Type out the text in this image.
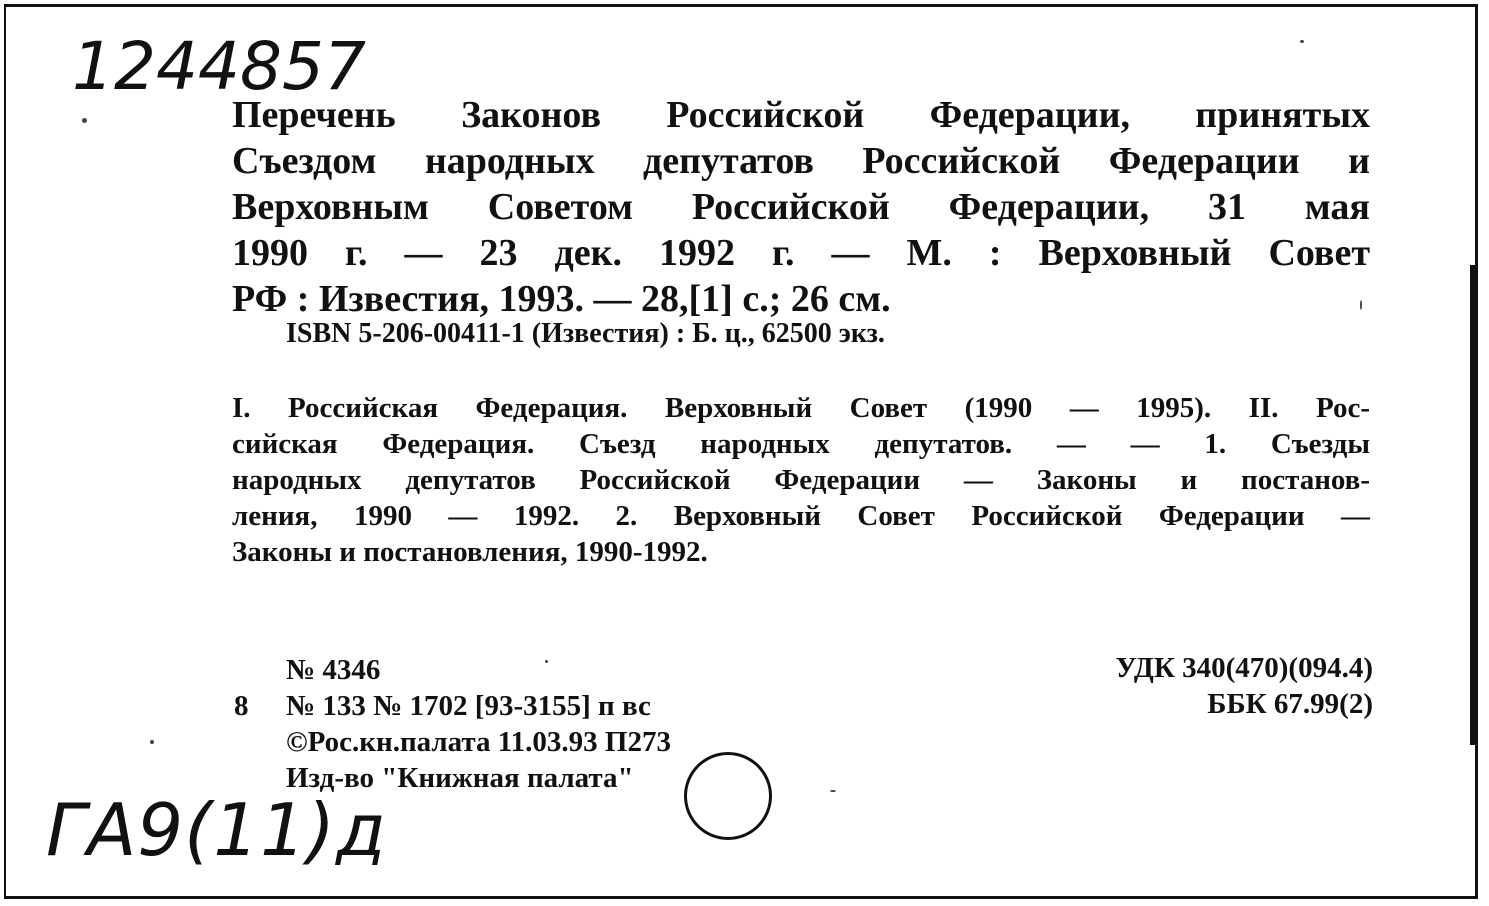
1244857
Перечень Законов Российской Федерации, принятых
Съездом народных депутатов Российской Федерации и
Верховным Советом Российской Федерации, 31 мая
1990 г. — 23 дек. 1992 г. — М. : Верховный Совет
РФ : Известия, 1993. — 28,[1] с.; 26 см.
ISBN 5-206-00411-1 (Известия) : Б. ц., 62500 экз.
I. Российская Федерация. Верховный Совет (1990 — 1995). II. Рос-
сийская Федерация. Съезд народных депутатов. — — 1. Съезды
народных депутатов Российской Федерации — Законы и постанов-
ления, 1990 — 1992. 2. Верховный Совет Российской Федерации —
Законы и постановления, 1990-1992.
№ 4346
8 № 133 № 1702 [93-3155] п вс
©Рос.кн.палата 11.03.93 П273
Изд-во "Книжная палата"
УДК 340(470)(094.4)
ББК 67.99(2)
ГА9(11)д
